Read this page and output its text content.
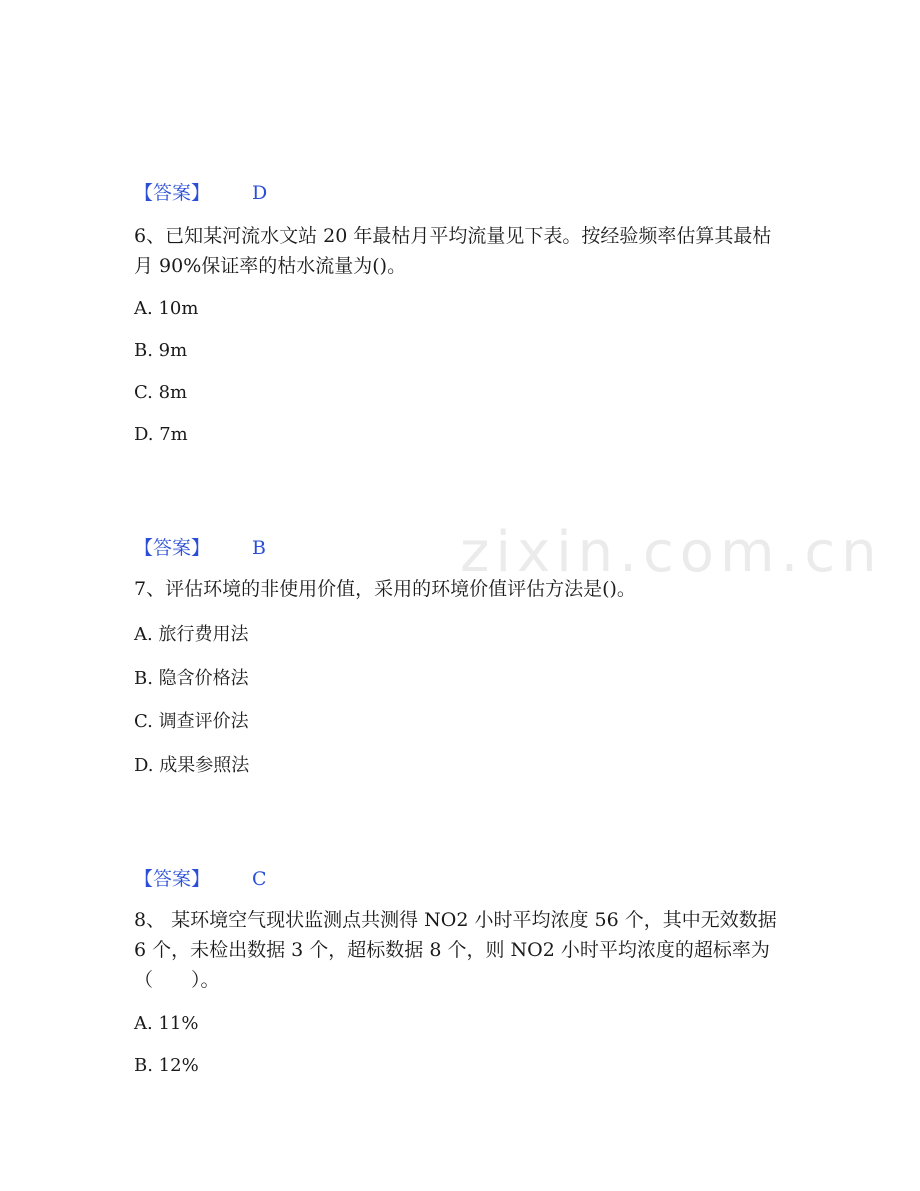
zixin.com.cn
【答案】 D
6、已知某河流水文站 20 年最枯月平均流量见下表。按经验频率估算其最枯月 90%保证率的枯水流量为()。
A. 10m
B. 9m
C. 8m
D. 7m
【答案】 B
7、评估环境的非使用价值，采用的环境价值评估方法是()。
A. 旅行费用法
B. 隐含价格法
C. 调查评价法
D. 成果参照法
【答案】 C
8、 某环境空气现状监测点共测得 NO2 小时平均浓度 56 个，其中无效数据 6 个，未检出数据 3 个，超标数据 8 个，则 NO2 小时平均浓度的超标率为（　　）。
A. 11%
B. 12%
